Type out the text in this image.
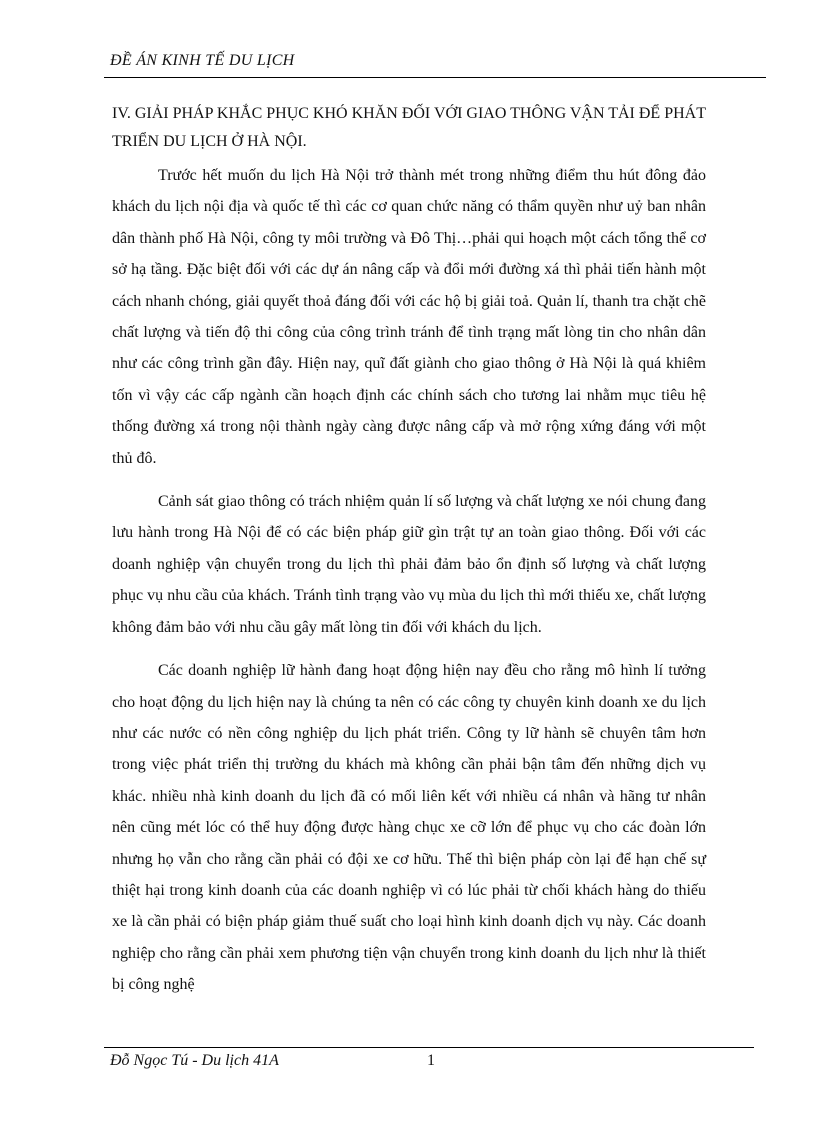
ĐỀ ÁN KINH TẾ DU LỊCH
IV. GIẢI PHÁP KHẮC PHỤC KHÓ KHĂN ĐỐI VỚI GIAO THÔNG VẬN TẢI ĐỂ PHÁT TRIỂN DU LỊCH Ở HÀ NỘI.

Trước hết muốn du lịch Hà Nội trở thành mét trong những điểm thu hút đông đảo khách du lịch nội địa và quốc tế thì các cơ quan chức năng có thẩm quyền như uỷ ban nhân dân thành phố Hà Nội, công ty môi trường và Đô Thị…phải qui hoạch một cách tổng thể cơ sở hạ tầng. Đặc biệt đối với các dự án nâng cấp và đổi mới đường xá thì phải tiến hành một cách nhanh chóng, giải quyết thoả đáng đối với các hộ bị giải toả. Quản lí, thanh tra chặt chẽ chất lượng và tiến độ thi công của công trình tránh để tình trạng mất lòng tin cho nhân dân như các công trình gần đây. Hiện nay, quĩ đất giành cho giao thông ở Hà Nội là quá khiêm tốn vì vậy các cấp ngành cần hoạch định các chính sách cho tương lai nhằm mục tiêu hệ thống đường xá trong nội thành ngày càng được nâng cấp và mở rộng xứng đáng với một thủ đô.

Cảnh sát giao thông có trách nhiệm quản lí số lượng và chất lượng xe nói chung đang lưu hành trong Hà Nội để có các biện pháp giữ gìn trật tự an toàn giao thông. Đối với các doanh nghiệp vận chuyển trong du lịch thì phải đảm bảo ổn định số lượng và chất lượng phục vụ nhu cầu của khách. Tránh tình trạng vào vụ mùa du lịch thì mới thiếu xe, chất lượng không đảm bảo với nhu cầu gây mất lòng tin đối với khách du lịch.

Các doanh nghiệp lữ hành đang hoạt động hiện nay đều cho rằng mô hình lí tưởng cho hoạt động du lịch hiện nay là chúng ta nên có các công ty chuyên kinh doanh xe du lịch như các nước có nền công nghiệp du lịch phát triển. Công ty lữ hành sẽ chuyên tâm hơn trong việc phát triển thị trường du khách mà không cần phải bận tâm đến những dịch vụ khác. nhiều nhà kinh doanh du lịch đã có mối liên kết với nhiều cá nhân và hãng tư nhân nên cũng mét lóc có thể huy động được hàng chục xe cỡ lớn để phục vụ cho các đoàn lớn nhưng họ vẫn cho rằng cần phải có đội xe cơ hữu. Thế thì biện pháp còn lại để hạn chế sự thiệt hại trong kinh doanh của các doanh nghiệp vì có lúc phải từ chối khách hàng do thiếu xe là cần phải có biện pháp giảm thuế suất cho loại hình kinh doanh dịch vụ này. Các doanh nghiệp cho rằng cần phải xem phương tiện vận chuyển trong kinh doanh du lịch như là thiết bị công nghệ

Đỗ Ngọc Tú - Du lịch 41A	1
